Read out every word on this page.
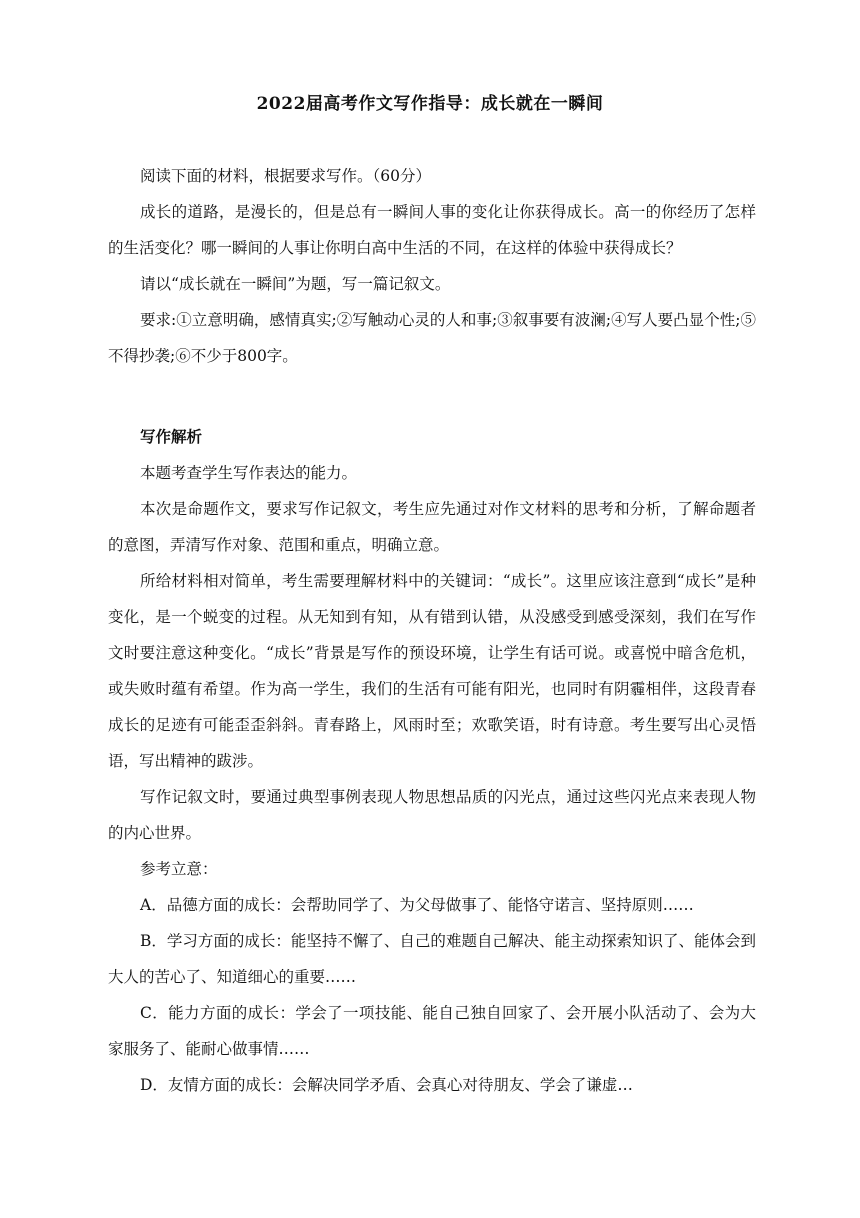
2022届高考作文写作指导：成长就在一瞬间

阅读下面的材料，根据要求写作。（60分）

成长的道路，是漫长的，但是总有一瞬间人事的变化让你获得成长。高一的你经历了怎样的生活变化？哪一瞬间的人事让你明白高中生活的不同，在这样的体验中获得成长？

请以“成长就在一瞬间”为题，写一篇记叙文。

要求:①立意明确，感情真实;②写触动心灵的人和事;③叙事要有波澜;④写人要凸显个性;⑤不得抄袭;⑥不少于800字。

写作解析

本题考查学生写作表达的能力。

本次是命题作文，要求写作记叙文，考生应先通过对作文材料的思考和分析，了解命题者的意图，弄清写作对象、范围和重点，明确立意。

所给材料相对简单，考生需要理解材料中的关键词：“成长”。这里应该注意到“成长”是种变化，是一个蜕变的过程。从无知到有知，从有错到认错，从没感受到感受深刻，我们在写作文时要注意这种变化。“成长”背景是写作的预设环境，让学生有话可说。或喜悦中暗含危机，或失败时蕴有希望。作为高一学生，我们的生活有可能有阳光，也同时有阴霾相伴，这段青春成长的足迹有可能歪歪斜斜。青春路上，风雨时至；欢歌笑语，时有诗意。考生要写出心灵悟语，写出精神的跋涉。

写作记叙文时，要通过典型事例表现人物思想品质的闪光点，通过这些闪光点来表现人物的内心世界。

参考立意：

A．品德方面的成长：会帮助同学了、为父母做事了、能恪守诺言、坚持原则……

B．学习方面的成长：能坚持不懈了、自己的难题自己解决、能主动探索知识了、能体会到大人的苦心了、知道细心的重要……

C．能力方面的成长：学会了一项技能、能自己独自回家了、会开展小队活动了、会为大家服务了、能耐心做事情……

D．友情方面的成长：会解决同学矛盾、会真心对待朋友、学会了谦虚…
